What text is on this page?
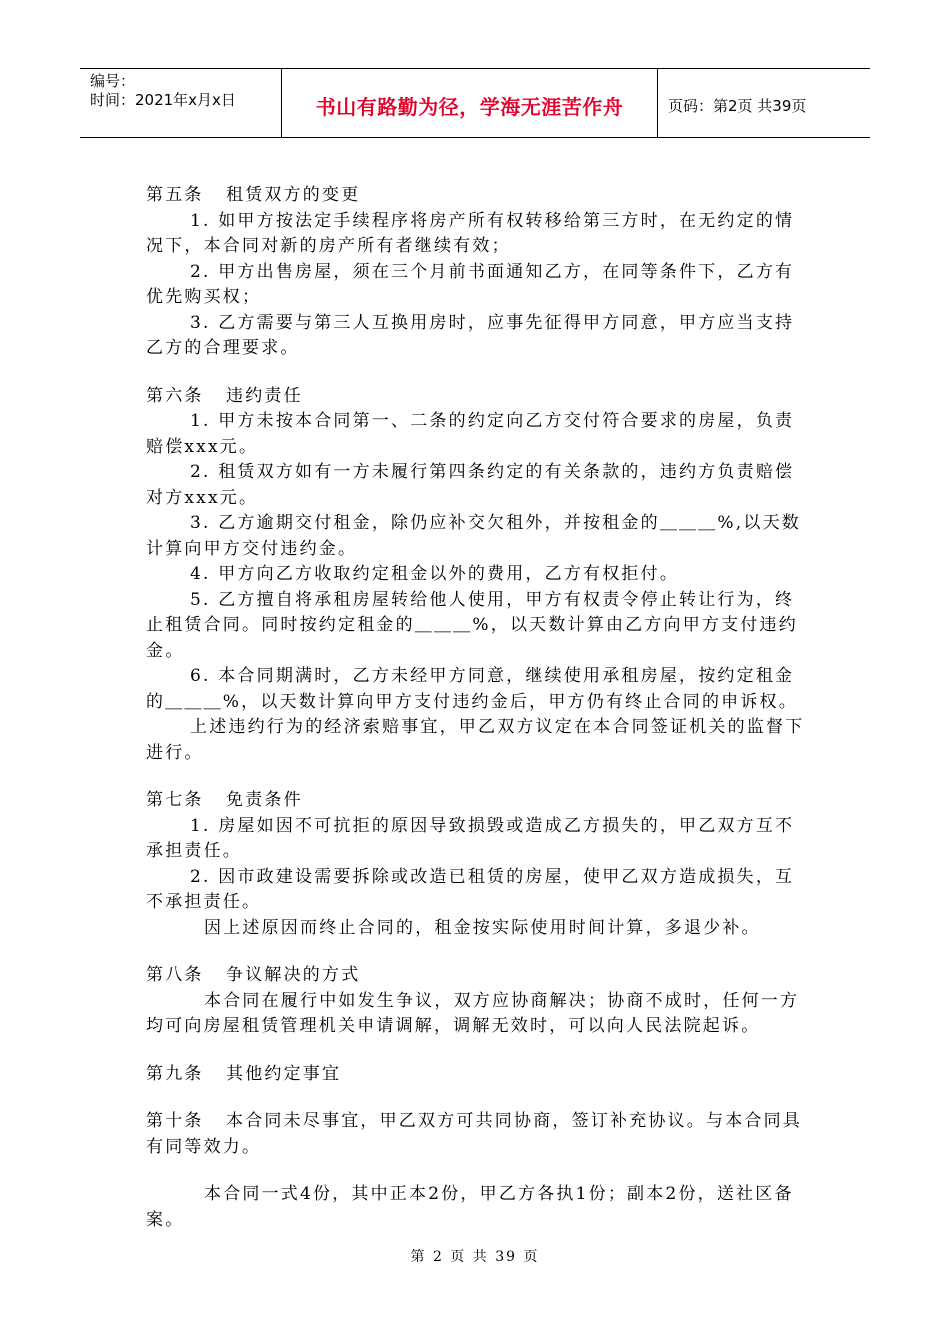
编号：
时间：2021年x月x日	书山有路勤为径，学海无涯苦作舟	页码：第2页 共39页

第五条 租赁双方的变更

1. 如甲方按法定手续程序将房产所有权转移给第三方时，在无约定的情况下，本合同对新的房产所有者继续有效；

2. 甲方出售房屋，须在三个月前书面通知乙方，在同等条件下，乙方有优先购买权；

3. 乙方需要与第三人互换用房时，应事先征得甲方同意，甲方应当支持乙方的合理要求。

第六条 违约责任

1. 甲方未按本合同第一、二条的约定向乙方交付符合要求的房屋，负责赔偿xxx元。

2. 租赁双方如有一方未履行第四条约定的有关条款的，违约方负责赔偿对方xxx元。

3. 乙方逾期交付租金，除仍应补交欠租外，并按租金的＿＿＿%,以天数计算向甲方交付违约金。

4. 甲方向乙方收取约定租金以外的费用，乙方有权拒付。

5. 乙方擅自将承租房屋转给他人使用，甲方有权责令停止转让行为，终止租赁合同。同时按约定租金的＿＿＿%，以天数计算由乙方向甲方支付违约金。

6. 本合同期满时，乙方未经甲方同意，继续使用承租房屋，按约定租金的＿＿＿%，以天数计算向甲方支付违约金后，甲方仍有终止合同的申诉权。

上述违约行为的经济索赔事宜，甲乙双方议定在本合同签证机关的监督下进行。

第七条 免责条件

1. 房屋如因不可抗拒的原因导致损毁或造成乙方损失的，甲乙双方互不承担责任。

2. 因市政建设需要拆除或改造已租赁的房屋，使甲乙双方造成损失，互不承担责任。

因上述原因而终止合同的，租金按实际使用时间计算，多退少补。

第八条 争议解决的方式

本合同在履行中如发生争议，双方应协商解决；协商不成时，任何一方均可向房屋租赁管理机关申请调解，调解无效时，可以向人民法院起诉。

第九条 其他约定事宜

第十条 本合同未尽事宜，甲乙双方可共同协商，签订补充协议。与本合同具有同等效力。

本合同一式4份，其中正本2份，甲乙方各执1份；副本2份，送社区备案。

第 2 页 共 39 页
